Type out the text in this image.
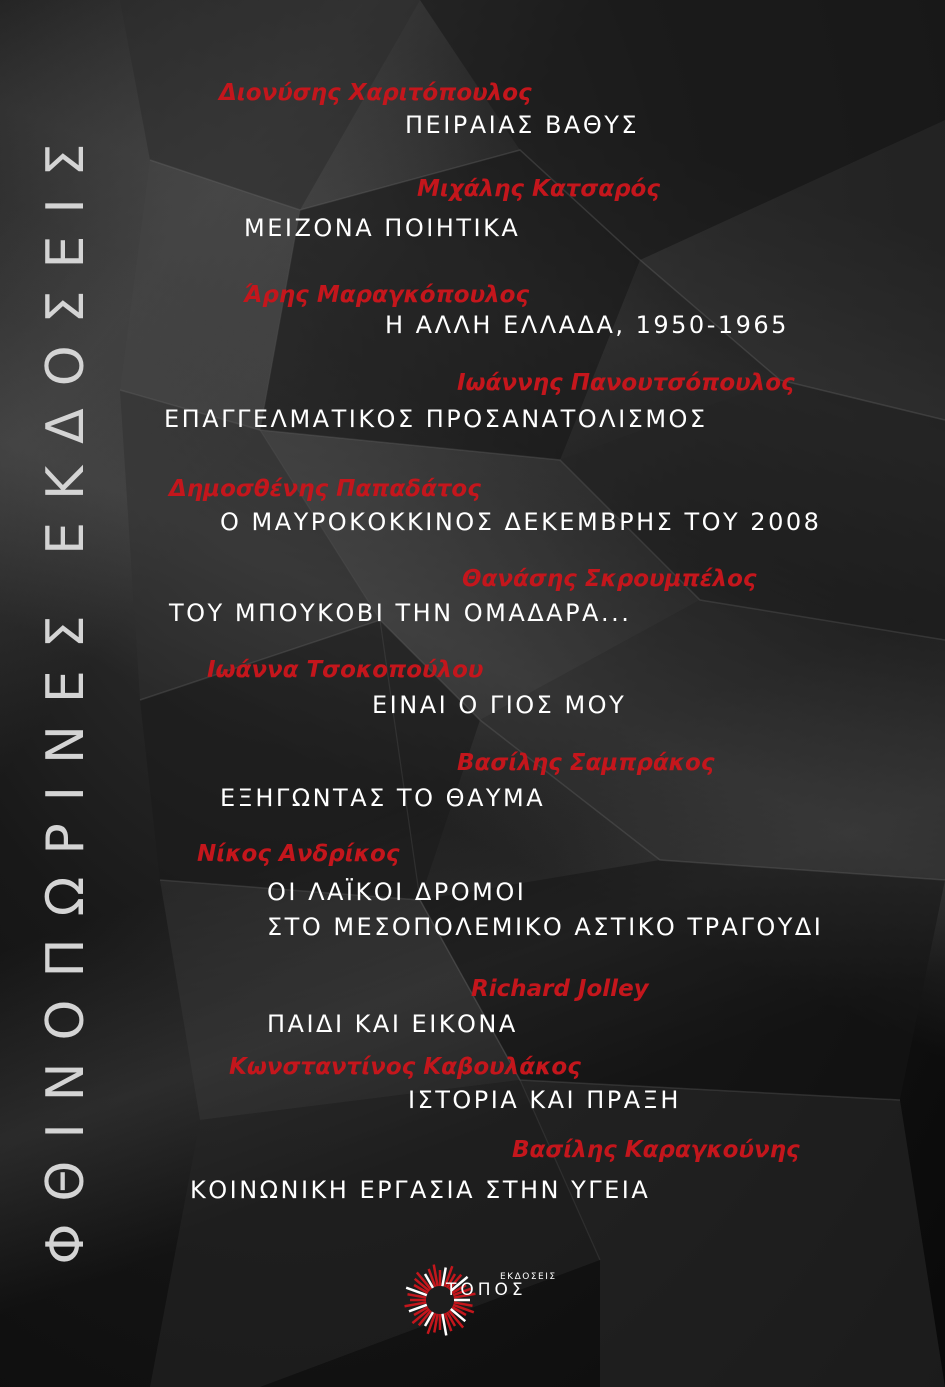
ΦΘΙΝΟΠΩΡΙΝΕΣ ΕΚΔΟΣΕΙΣ
Διονύσης Χαριτόπουλος
ΠΕΙΡΑΙΑΣ ΒΑΘΥΣ
Μιχάλης Κατσαρός
ΜΕΙΖΟΝΑ ΠΟΙΗΤΙΚΑ
Άρης Μαραγκόπουλος
Η ΑΛΛΗ ΕΛΛΑΔΑ, 1950-1965
Ιωάννης Πανουτσόπουλος
ΕΠΑΓΓΕΛΜΑΤΙΚΟΣ ΠΡΟΣΑΝΑΤΟΛΙΣΜΟΣ
Δημοσθένης Παπαδάτος
Ο ΜΑΥΡΟΚΟΚΚΙΝΟΣ ΔΕΚΕΜΒΡΗΣ ΤΟΥ 2008
Θανάσης Σκρουμπέλος
ΤΟΥ ΜΠΟΥΚΟΒΙ ΤΗΝ ΟΜΑΔΑΡΑ...
Ιωάννα Τσοκοπούλου
ΕΙΝΑΙ Ο ΓΙΟΣ ΜΟΥ
Βασίλης Σαμπράκος
ΕΞΗΓΩΝΤΑΣ ΤΟ ΘΑΥΜΑ
Νίκος Ανδρίκος
ΟΙ ΛΑΪΚΟΙ ΔΡΟΜΟΙ
ΣΤΟ ΜΕΣΟΠΟΛΕΜΙΚΟ ΑΣΤΙΚΟ ΤΡΑΓΟΥΔΙ
Richard Jolley
ΠΑΙΔΙ ΚΑΙ ΕΙΚΟΝΑ
Κωνσταντίνος Καβουλάκος
ΙΣΤΟΡΙΑ ΚΑΙ ΠΡΑΞΗ
Βασίλης Καραγκούνης
ΚΟΙΝΩΝΙΚΗ ΕΡΓΑΣΙΑ ΣΤΗΝ ΥΓΕΙΑ
ΕΚΔΟΣΕΙΣ
ΤΟΠΟΣ
